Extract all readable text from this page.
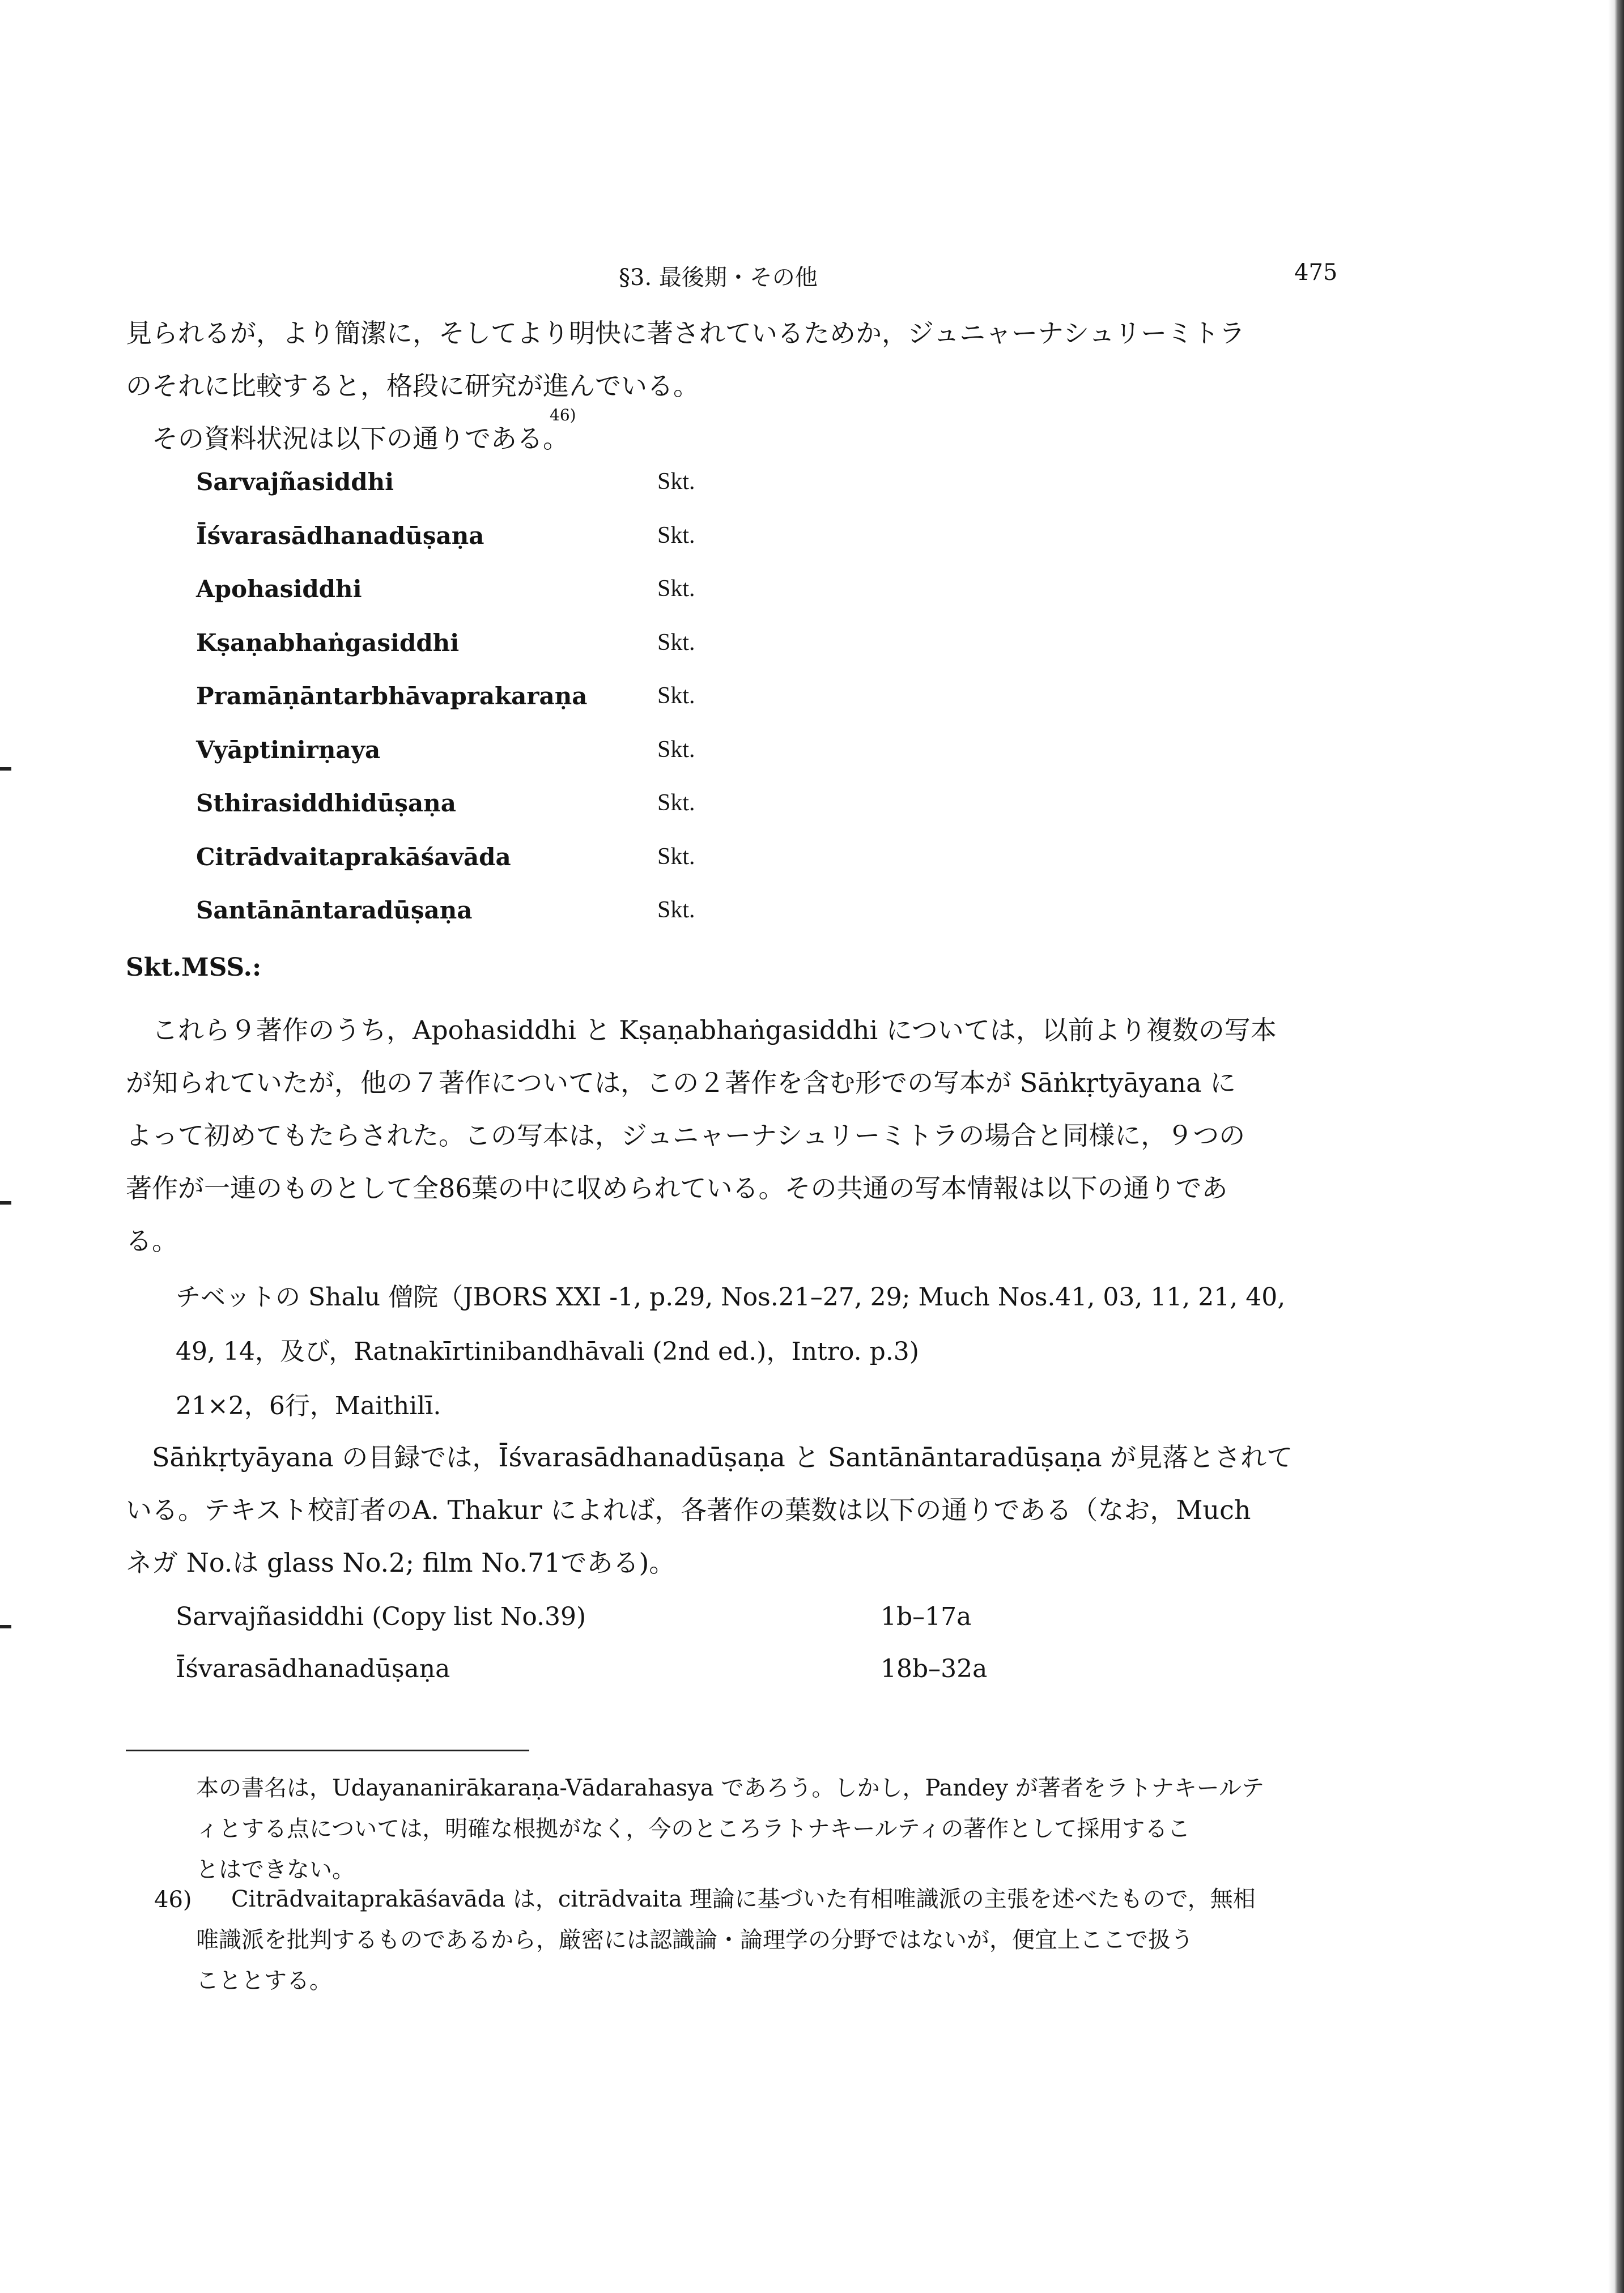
§3. 最後期・その他	475
見られるが，より簡潔に，そしてより明快に著されているためか，ジュニャーナシュリーミトラ
のそれに比較すると，格段に研究が進んでいる。
その資料状況は以下の通りである。
46)
Sarvajñasiddhi	Skt.
Īśvarasādhanadūṣaṇa	Skt.
Apohasiddhi	Skt.
Kṣaṇabhaṅgasiddhi	Skt.
Pramāṇāntarbhāvaprakaraṇa	Skt.
Vyāptinirṇaya	Skt.
Sthirasiddhidūṣaṇa	Skt.
Citrādvaitaprakāśavāda	Skt.
Santānāntaradūṣaṇa	Skt.
Skt.MSS.:
これら９著作のうち，Apohasiddhi と Kṣaṇabhaṅgasiddhi については，以前より複数の写本
が知られていたが，他の７著作については，この２著作を含む形での写本が Sāṅkṛtyāyana に
よって初めてもたらされた。この写本は，ジュニャーナシュリーミトラの場合と同様に，９つの
著作が一連のものとして全86葉の中に収められている。その共通の写本情報は以下の通りであ
る。
チベットの Shalu 僧院（JBORS XXI -1, p.29, Nos.21–27, 29; Much Nos.41, 03, 11, 21, 40,
49, 14，及び，Ratnakīrtinibandhāvali (2nd ed.)，Intro. p.3)
21×2，6行，Maithilī.
Sāṅkṛtyāyana の目録では，Īśvarasādhanadūṣaṇa と Santānāntaradūṣaṇa が見落とされて
いる。テキスト校訂者のA. Thakur によれば，各著作の葉数は以下の通りである（なお，Much
ネガ No.は glass No.2; film No.71である)。
Sarvajñasiddhi (Copy list No.39)	1b–17a
Īśvarasādhanadūṣaṇa	18b–32a
本の書名は，Udayananirākaraṇa-Vādarahasya であろう。しかし，Pandey が著者をラトナキールテ
ィとする点については，明確な根拠がなく，今のところラトナキールティの著作として採用するこ
とはできない。
46)	Citrādvaitaprakāśavāda は，citrādvaita 理論に基づいた有相唯識派の主張を述べたもので，無相
唯識派を批判するものであるから，厳密には認識論・論理学の分野ではないが，便宜上ここで扱う
こととする。
